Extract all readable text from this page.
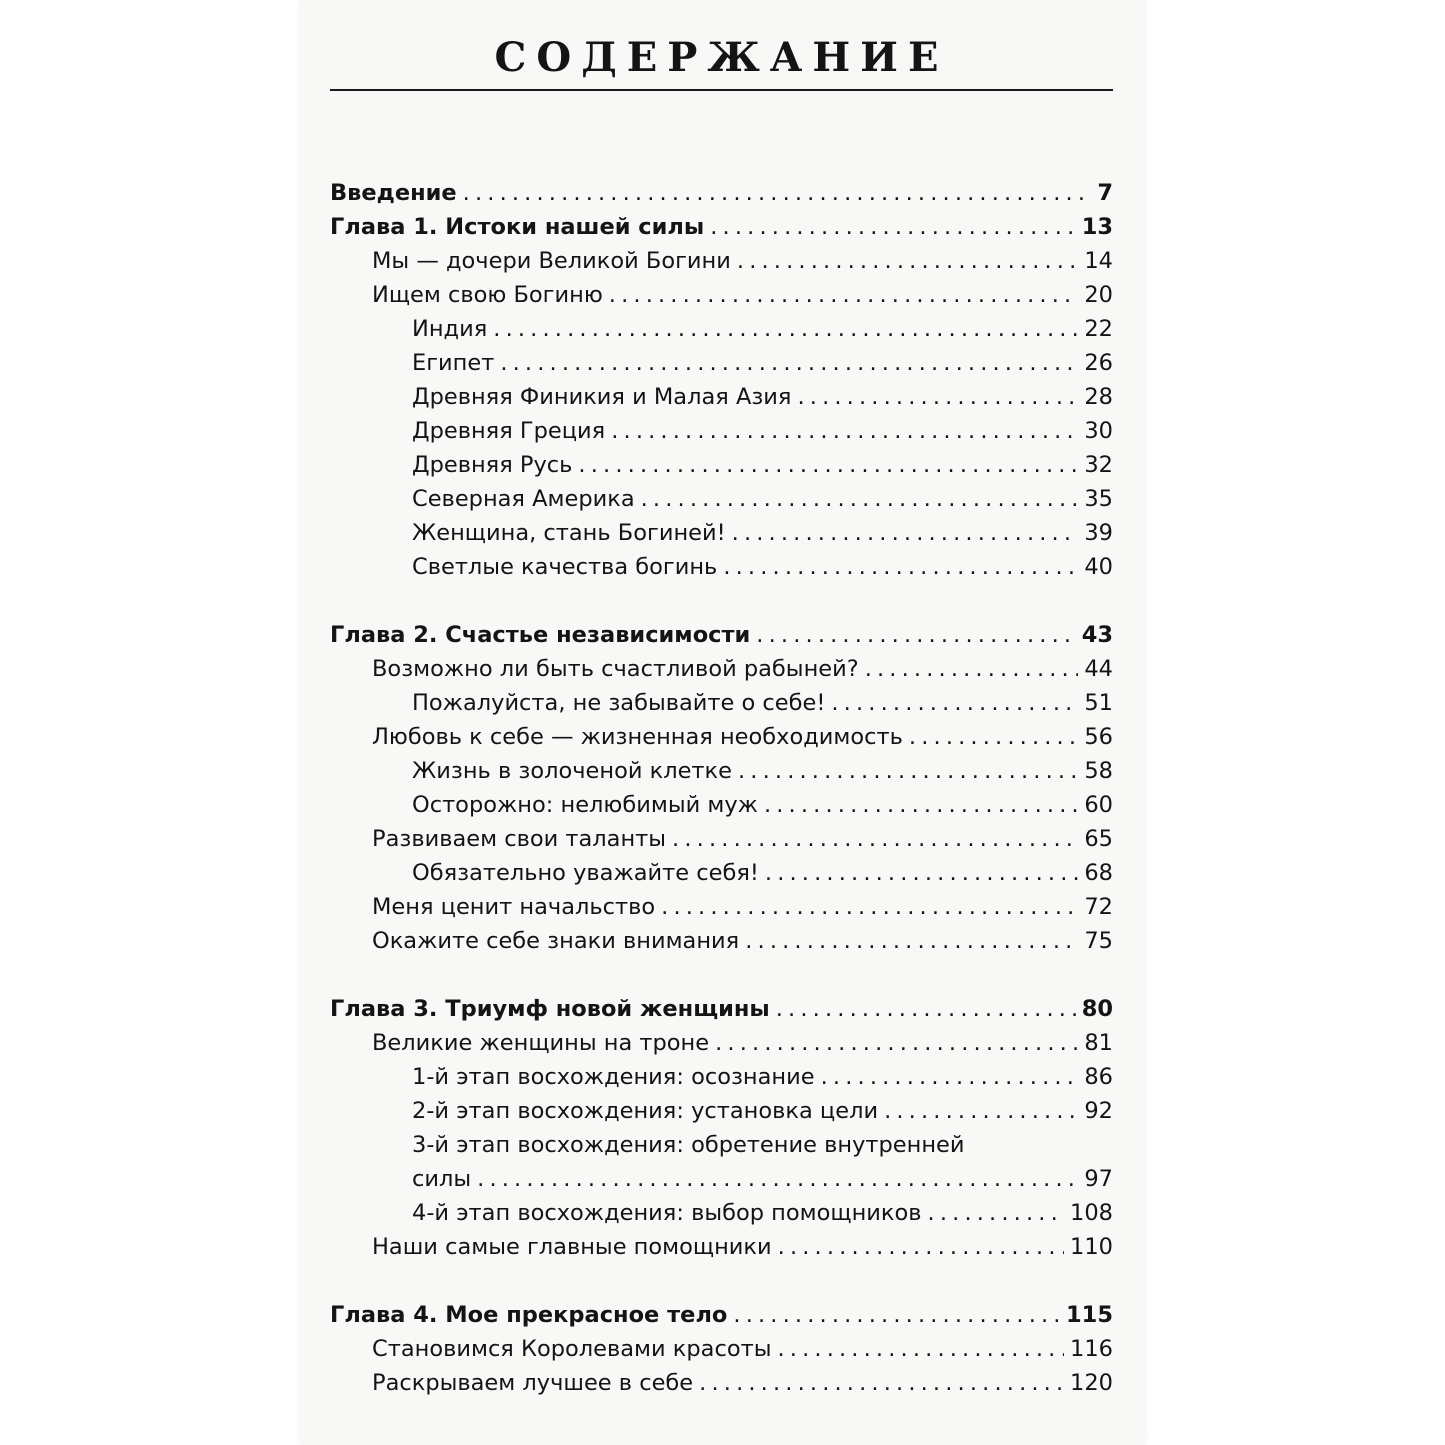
СОДЕРЖАНИЕ
Введение . . .	7
Глава 1. Истоки нашей силы . . .	13
Мы — дочери Великой Богини . . .	14
Ищем свою Богиню . . .	20
Индия . . .	22
Египет . . .	26
Древняя Финикия и Малая Азия . . .	28
Древняя Греция . . .	30
Древняя Русь . . .	32
Северная Америка . . .	35
Женщина, стань Богиней! . . .	39
Светлые качества богинь . . .	40
Глава 2. Счастье независимости . . .	43
Возможно ли быть счастливой рабыней? . . .	44
Пожалуйста, не забывайте о себе! . . .	51
Любовь к себе — жизненная необходимость . . .	56
Жизнь в золоченой клетке . . .	58
Осторожно: нелюбимый муж . . .	60
Развиваем свои таланты . . .	65
Обязательно уважайте себя! . . .	68
Меня ценит начальство . . .	72
Окажите себе знаки внимания . . .	75
Глава 3. Триумф новой женщины . . .	80
Великие женщины на троне . . .	81
1-й этап восхождения: осознание . . .	86
2-й этап восхождения: установка цели . . .	92
3-й этап восхождения: обретение внутренней
силы . . .	97
4-й этап восхождения: выбор помощников . . .	108
Наши самые главные помощники . . .	110
Глава 4. Мое прекрасное тело . . .	115
Становимся Королевами красоты . . .	116
Раскрываем лучшее в себе . . .	120
